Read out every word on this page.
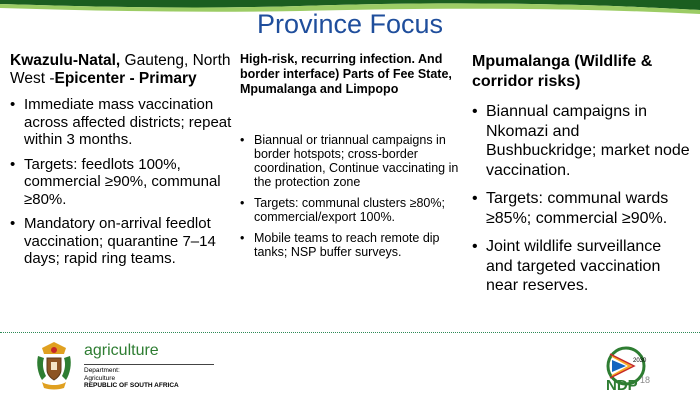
Province Focus

Kwazulu-Natal, Gauteng, North West -Epicenter - Primary

• Immediate mass vaccination across affected districts; repeat within 3 months.
• Targets: feedlots 100%, commercial ≥90%, communal ≥80%.
• Mandatory on-arrival feedlot vaccination; quarantine 7–14 days; rapid ring teams.

High-risk, recurring infection. And border interface) Parts of Fee State, Mpumalanga and Limpopo

• Biannual or triannual campaigns in border hotspots; cross-border coordination, Continue vaccinating in the protection zone
• Targets: communal clusters ≥80%; commercial/export 100%.
• Mobile teams to reach remote dip tanks; NSP buffer surveys.

Mpumalanga (Wildlife & corridor risks)

• Biannual campaigns in Nkomazi and Bushbuckridge; market node vaccination.
• Targets: communal wards ≥85%; commercial ≥90%.
• Joint wildlife surveillance and targeted vaccination near reserves.
agriculture
Department:
Agriculture
REPUBLIC OF SOUTH AFRICA
2030
NDP 18
